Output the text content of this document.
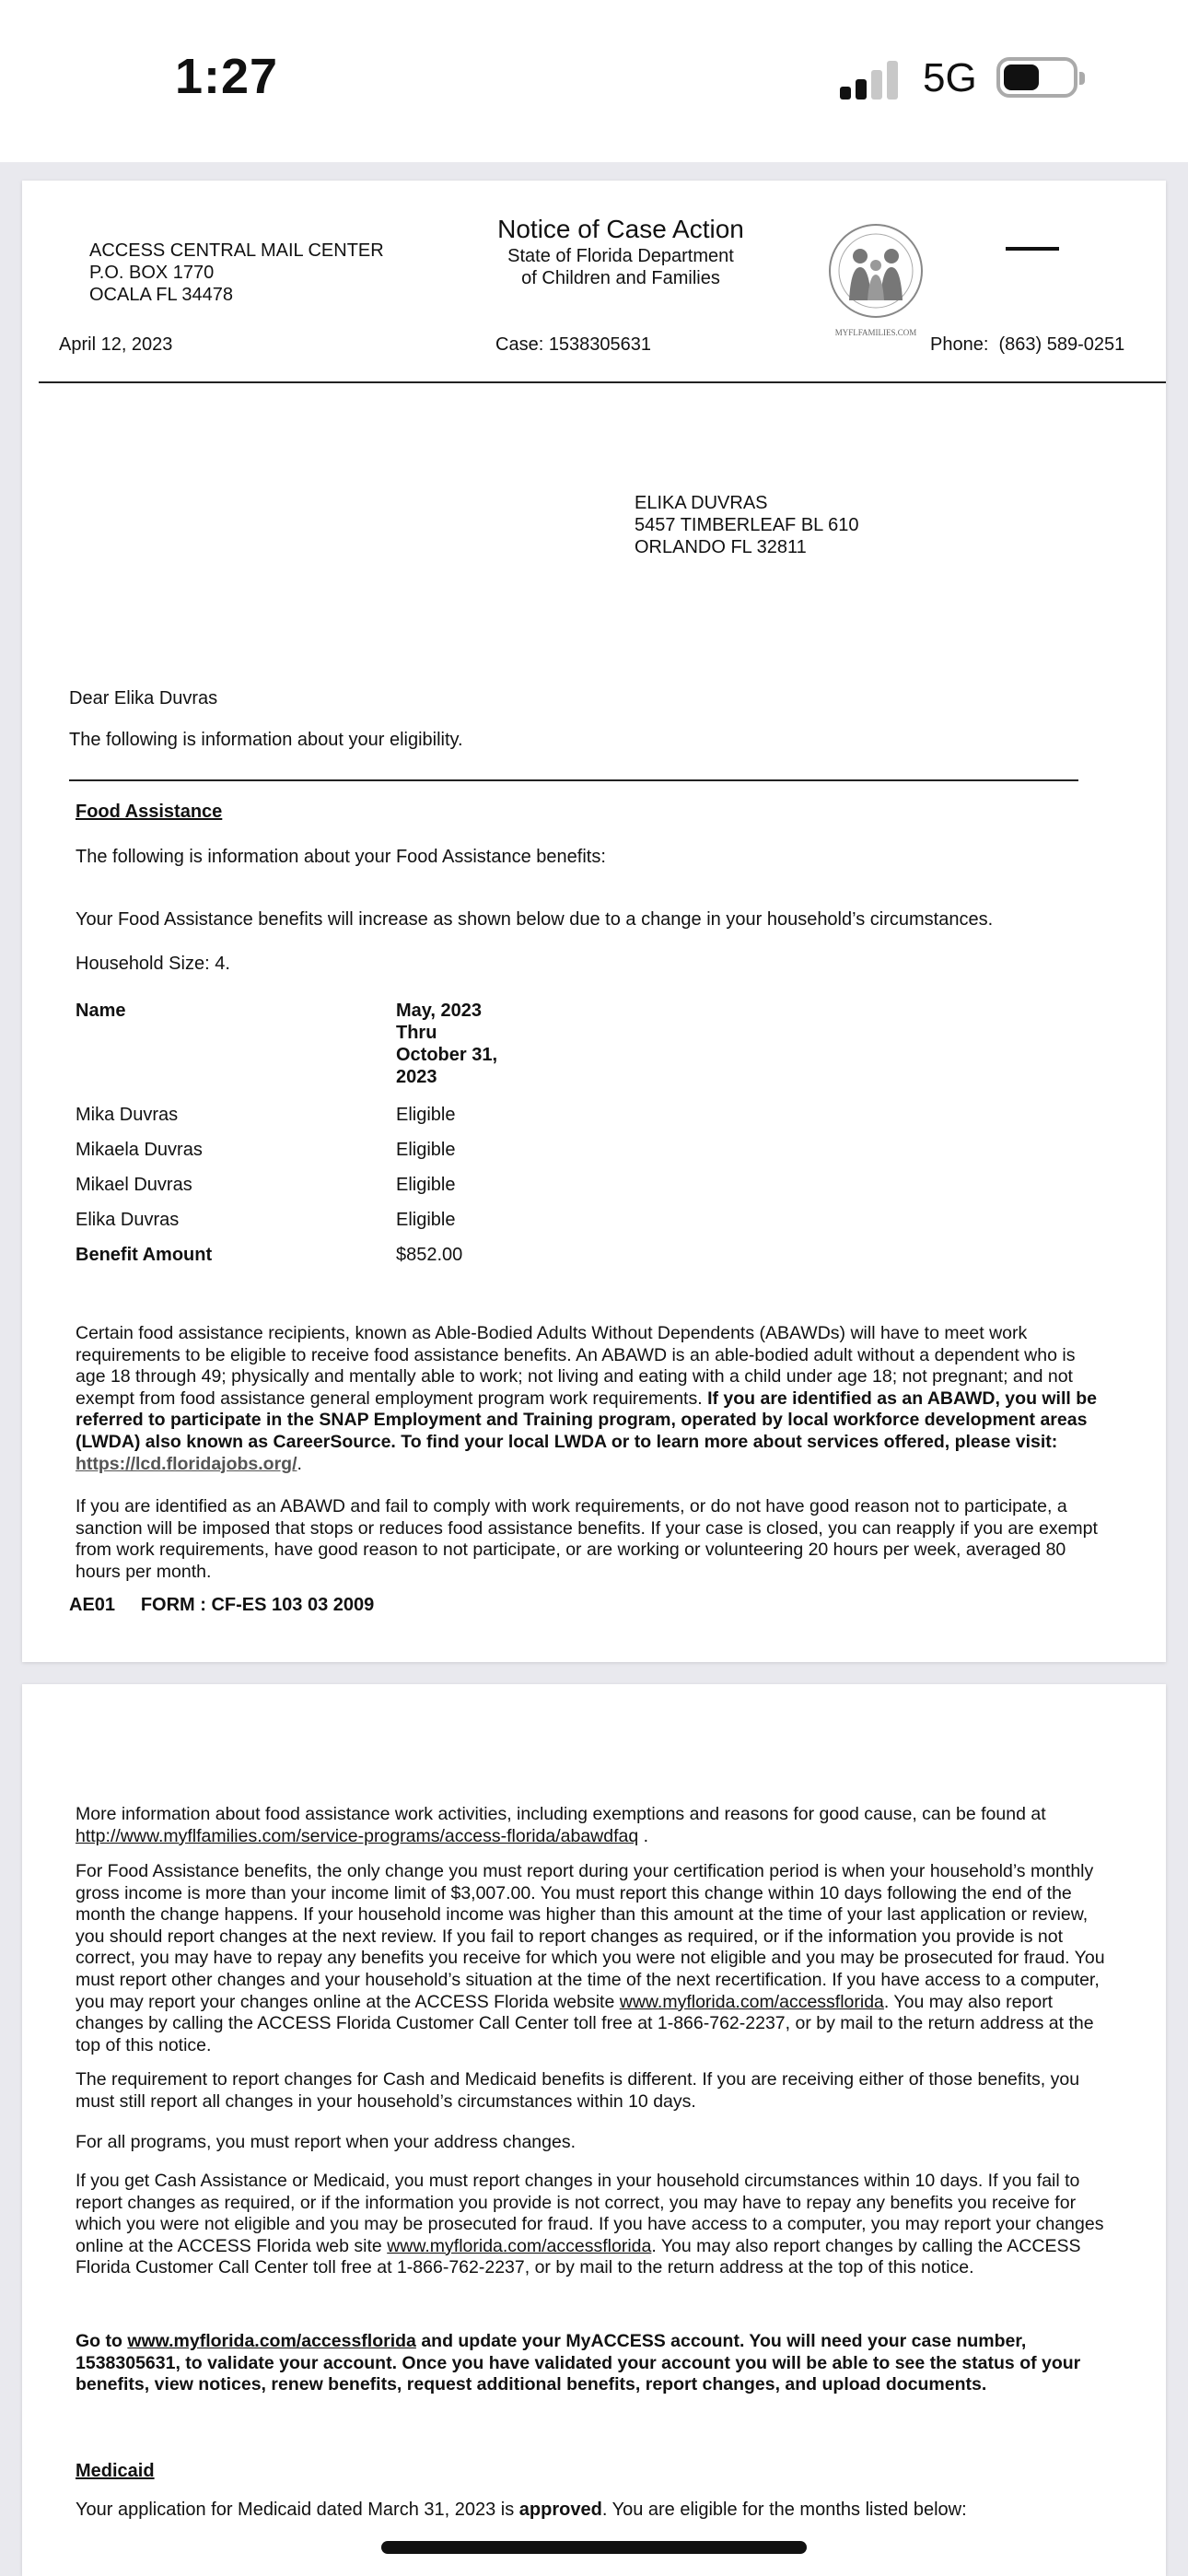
1:27	5G
ACCESS CENTRAL MAIL CENTER
P.O. BOX 1770
OCALA FL 34478
Notice of Case Action
State of Florida Department
of Children and Families
MYFLFAMILIES.COM
April 12, 2023	Case: 1538305631	Phone: (863) 589-0251
ELIKA DUVRAS
5457 TIMBERLEAF BL 610
ORLANDO FL 32811
Dear Elika Duvras
The following is information about your eligibility.
Food Assistance
The following is information about your Food Assistance benefits:
Your Food Assistance benefits will increase as shown below due to a change in your household’s circumstances.
Household Size: 4.
Name	May, 2023
Thru
October 31,
2023
Mika Duvras	Eligible
Mikaela Duvras	Eligible
Mikael Duvras	Eligible
Elika Duvras	Eligible
Benefit Amount	$852.00
Certain food assistance recipients, known as Able-Bodied Adults Without Dependents (ABAWDs) will have to meet work requirements to be eligible to receive food assistance benefits. An ABAWD is an able-bodied adult without a dependent who is age 18 through 49; physically and mentally able to work; not living and eating with a child under age 18; not pregnant; and not exempt from food assistance general employment program work requirements. If you are identified as an ABAWD, you will be referred to participate in the SNAP Employment and Training program, operated by local workforce development areas (LWDA) also known as CareerSource. To find your local LWDA or to learn more about services offered, please visit: https://lcd.floridajobs.org/.
If you are identified as an ABAWD and fail to comply with work requirements, or do not have good reason not to participate, a sanction will be imposed that stops or reduces food assistance benefits. If your case is closed, you can reapply if you are exempt from work requirements, have good reason to not participate, or are working or volunteering 20 hours per week, averaged 80 hours per month.
AE01 FORM : CF-ES 103 03 2009
More information about food assistance work activities, including exemptions and reasons for good cause, can be found at http://www.myflfamilies.com/service-programs/access-florida/abawdfaq .
For Food Assistance benefits, the only change you must report during your certification period is when your household’s monthly gross income is more than your income limit of $3,007.00. You must report this change within 10 days following the end of the month the change happens. If your household income was higher than this amount at the time of your last application or review, you should report changes at the next review. If you fail to report changes as required, or if the information you provide is not correct, you may have to repay any benefits you receive for which you were not eligible and you may be prosecuted for fraud. You must report other changes and your household’s situation at the time of the next recertification. If you have access to a computer, you may report your changes online at the ACCESS Florida website www.myflorida.com/accessflorida. You may also report changes by calling the ACCESS Florida Customer Call Center toll free at 1-866-762-2237, or by mail to the return address at the top of this notice.
The requirement to report changes for Cash and Medicaid benefits is different. If you are receiving either of those benefits, you must still report all changes in your household’s circumstances within 10 days.
For all programs, you must report when your address changes.
If you get Cash Assistance or Medicaid, you must report changes in your household circumstances within 10 days. If you fail to report changes as required, or if the information you provide is not correct, you may have to repay any benefits you receive for which you were not eligible and you may be prosecuted for fraud. If you have access to a computer, you may report your changes online at the ACCESS Florida web site www.myflorida.com/accessflorida. You may also report changes by calling the ACCESS Florida Customer Call Center toll free at 1-866-762-2237, or by mail to the return address at the top of this notice.
Go to www.myflorida.com/accessflorida and update your MyACCESS account. You will need your case number, 1538305631, to validate your account. Once you have validated your account you will be able to see the status of your benefits, view notices, renew benefits, request additional benefits, report changes, and upload documents.
Medicaid
Your application for Medicaid dated March 31, 2023 is approved. You are eligible for the months listed below:
